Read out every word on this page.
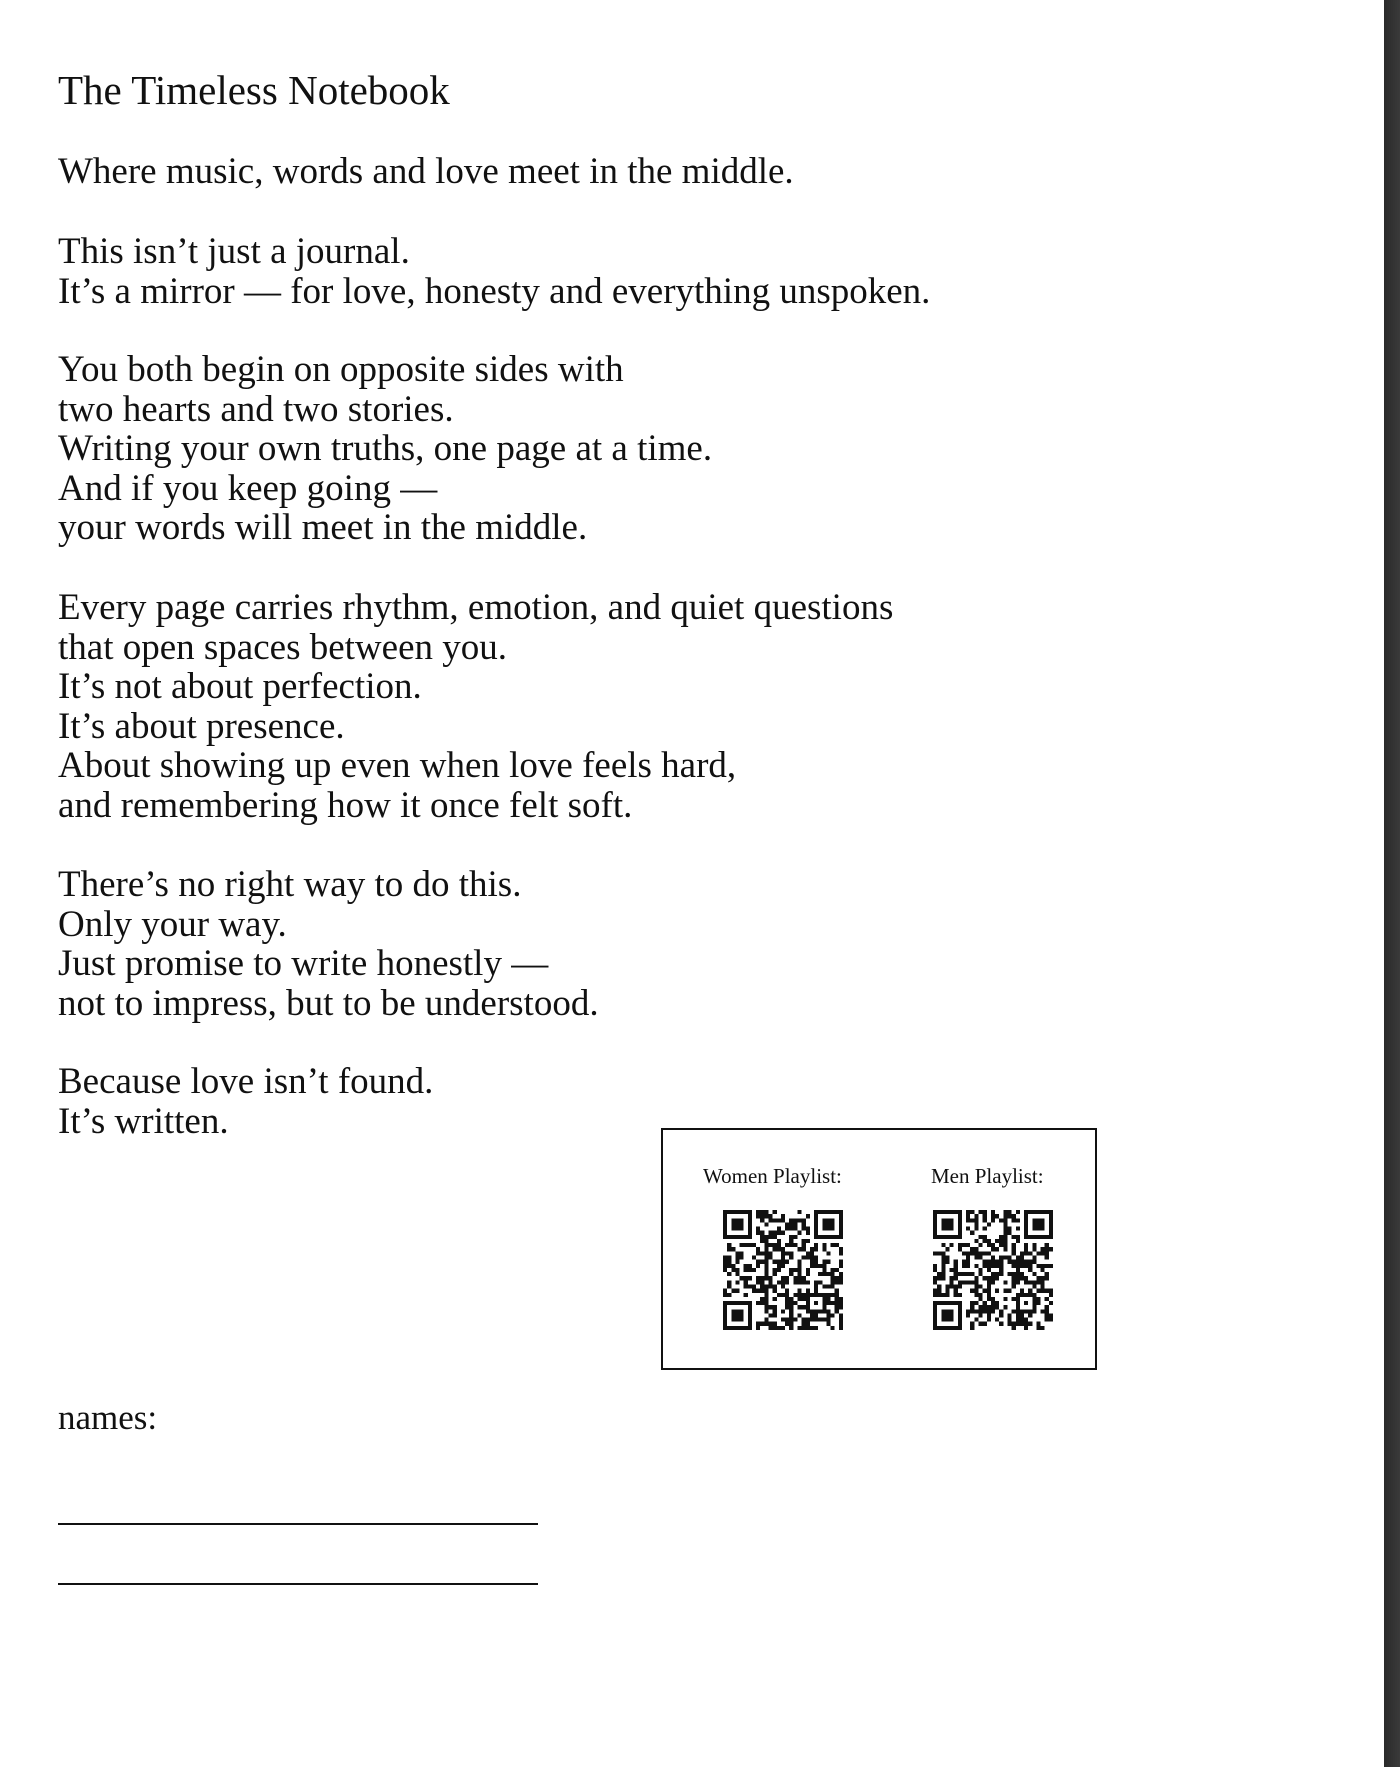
The Timeless Notebook

Where music, words and love meet in the middle.

This isn’t just a journal.
It’s a mirror — for love, honesty and everything unspoken.

You both begin on opposite sides with
two hearts and two stories.
Writing your own truths, one page at a time.
And if you keep going —
your words will meet in the middle.

Every page carries rhythm, emotion, and quiet questions
that open spaces between you.
It’s not about perfection.
It’s about presence.
About showing up even when love feels hard,
and remembering how it once felt soft.

There’s no right way to do this.
Only your way.
Just promise to write honestly —
not to impress, but to be understood.

Because love isn’t found.
It’s written.

Women Playlist:	Men Playlist:

names:
